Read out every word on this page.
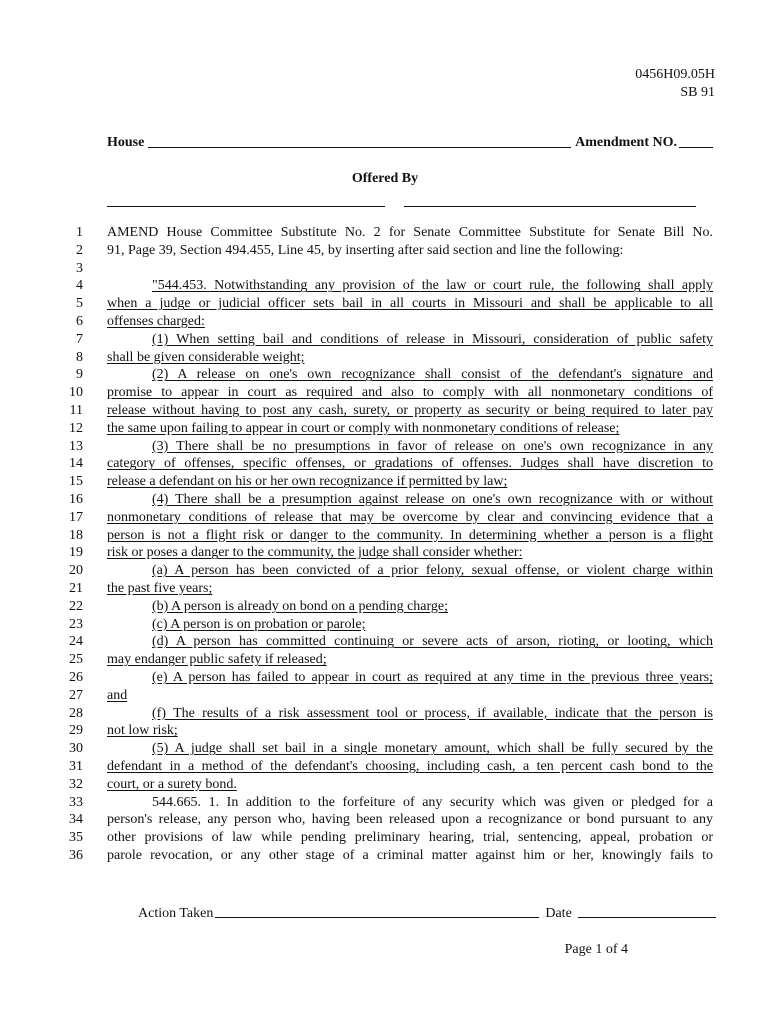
0456H09.05H
SB 91
House	Amendment NO.
Offered By
1 AMEND House Committee Substitute No. 2 for Senate Committee Substitute for Senate Bill No.
2 91, Page 39, Section 494.455, Line 45, by inserting after said section and line the following:
3
4	"544.453. Notwithstanding any provision of the law or court rule, the following shall apply
5 when a judge or judicial officer sets bail in all courts in Missouri and shall be applicable to all
6 offenses charged:
7	(1) When setting bail and conditions of release in Missouri, consideration of public safety
8 shall be given considerable weight;
9	(2) A release on one's own recognizance shall consist of the defendant's signature and
10 promise to appear in court as required and also to comply with all nonmonetary conditions of
11 release without having to post any cash, surety, or property as security or being required to later pay
12 the same upon failing to appear in court or comply with nonmonetary conditions of release;
13	(3) There shall be no presumptions in favor of release on one's own recognizance in any
14 category of offenses, specific offenses, or gradations of offenses. Judges shall have discretion to
15 release a defendant on his or her own recognizance if permitted by law;
16	(4) There shall be a presumption against release on one's own recognizance with or without
17 nonmonetary conditions of release that may be overcome by clear and convincing evidence that a
18 person is not a flight risk or danger to the community. In determining whether a person is a flight
19 risk or poses a danger to the community, the judge shall consider whether:
20	(a) A person has been convicted of a prior felony, sexual offense, or violent charge within
21 the past five years;
22	(b) A person is already on bond on a pending charge;
23	(c) A person is on probation or parole;
24	(d) A person has committed continuing or severe acts of arson, rioting, or looting, which
25 may endanger public safety if released;
26	(e) A person has failed to appear in court as required at any time in the previous three years;
27 and
28	(f) The results of a risk assessment tool or process, if available, indicate that the person is
29 not low risk;
30	(5) A judge shall set bail in a single monetary amount, which shall be fully secured by the
31 defendant in a method of the defendant's choosing, including cash, a ten percent cash bond to the
32 court, or a surety bond.
33	544.665. 1. In addition to the forfeiture of any security which was given or pledged for a
34 person's release, any person who, having been released upon a recognizance or bond pursuant to any
35 other provisions of law while pending preliminary hearing, trial, sentencing, appeal, probation or
36 parole revocation, or any other stage of a criminal matter against him or her, knowingly fails to
Action Taken	Date
Page 1 of 4
